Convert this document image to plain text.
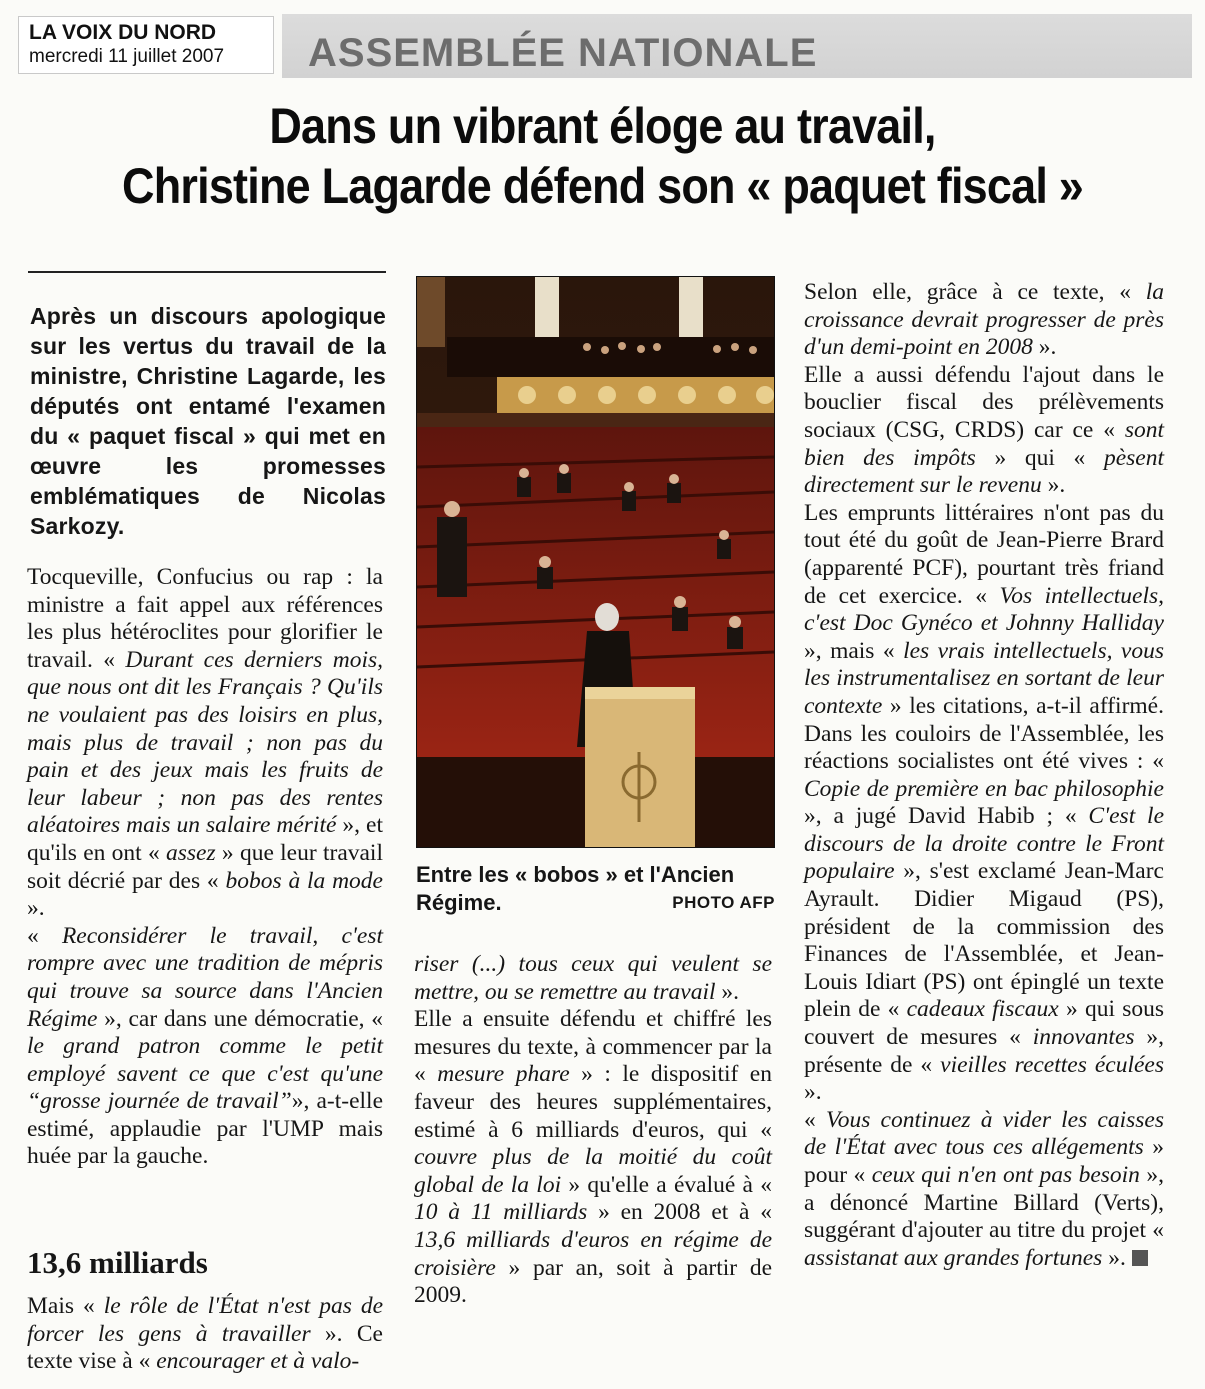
LA VOIX DU NORD
mercredi 11 juillet 2007	ASSEMBLÉE NATIONALE
Dans un vibrant éloge au travail,
Christine Lagarde défend son « paquet fiscal »
Après un discours apologique sur les vertus du travail de la ministre, Christine Lagarde, les députés ont entamé l'examen du « paquet fiscal » qui met en œuvre les promesses emblématiques de Nicolas Sarkozy.

Tocqueville, Confucius ou rap : la ministre a fait appel aux références les plus hétéroclites pour glorifier le travail. « Durant ces derniers mois, que nous ont dit les Français ? Qu'ils ne voulaient pas des loisirs en plus, mais plus de travail ; non pas du pain et des jeux mais les fruits de leur labeur ; non pas des rentes aléatoires mais un salaire mérité », et qu'ils en ont « assez » que leur travail soit décrié par des « bobos à la mode ».

« Reconsidérer le travail, c'est rompre avec une tradition de mépris qui trouve sa source dans l'Ancien Régime », car dans une démocratie, « le grand patron comme le petit employé savent ce que c'est qu'une “grosse journée de travail”», a-t-elle estimé, applaudie par l'UMP mais huée par la gauche.

13,6 milliards

Mais « le rôle de l'État n'est pas de forcer les gens à travailler ». Ce texte vise à « encourager et à valo-

Entre les « bobos » et l'Ancien Régime.	PHOTO AFP

riser (...) tous ceux qui veulent se mettre, ou se remettre au travail ».

Elle a ensuite défendu et chiffré les mesures du texte, à commencer par la « mesure phare » : le dispositif en faveur des heures supplémentaires, estimé à 6 milliards d'euros, qui « couvre plus de la moitié du coût global de la loi » qu'elle a évalué à « 10 à 11 milliards » en 2008 et à « 13,6 milliards d'euros en régime de croisière » par an, soit à partir de 2009.

Selon elle, grâce à ce texte, « la croissance devrait progresser de près d'un demi-point en 2008 ».

Elle a aussi défendu l'ajout dans le bouclier fiscal des prélèvements sociaux (CSG, CRDS) car ce « sont bien des impôts » qui « pèsent directement sur le revenu ».

Les emprunts littéraires n'ont pas du tout été du goût de Jean-Pierre Brard (apparenté PCF), pourtant très friand de cet exercice. « Vos intellectuels, c'est Doc Gynéco et Johnny Halliday », mais « les vrais intellectuels, vous les instrumentalisez en sortant de leur contexte » les citations, a-t-il affirmé. Dans les couloirs de l'Assemblée, les réactions socialistes ont été vives : « Copie de première en bac philosophie », a jugé David Habib ; « C'est le discours de la droite contre le Front populaire », s'est exclamé Jean-Marc Ayrault. Didier Migaud (PS), président de la commission des Finances de l'Assemblée, et Jean-Louis Idiart (PS) ont épinglé un texte plein de « cadeaux fiscaux » qui sous couvert de mesures « innovantes », présente de « vieilles recettes éculées ».

« Vous continuez à vider les caisses de l'État avec tous ces allégements » pour « ceux qui n'en ont pas besoin », a dénoncé Martine Billard (Verts), suggérant d'ajouter au titre du projet « assistanat aux grandes fortunes ».
